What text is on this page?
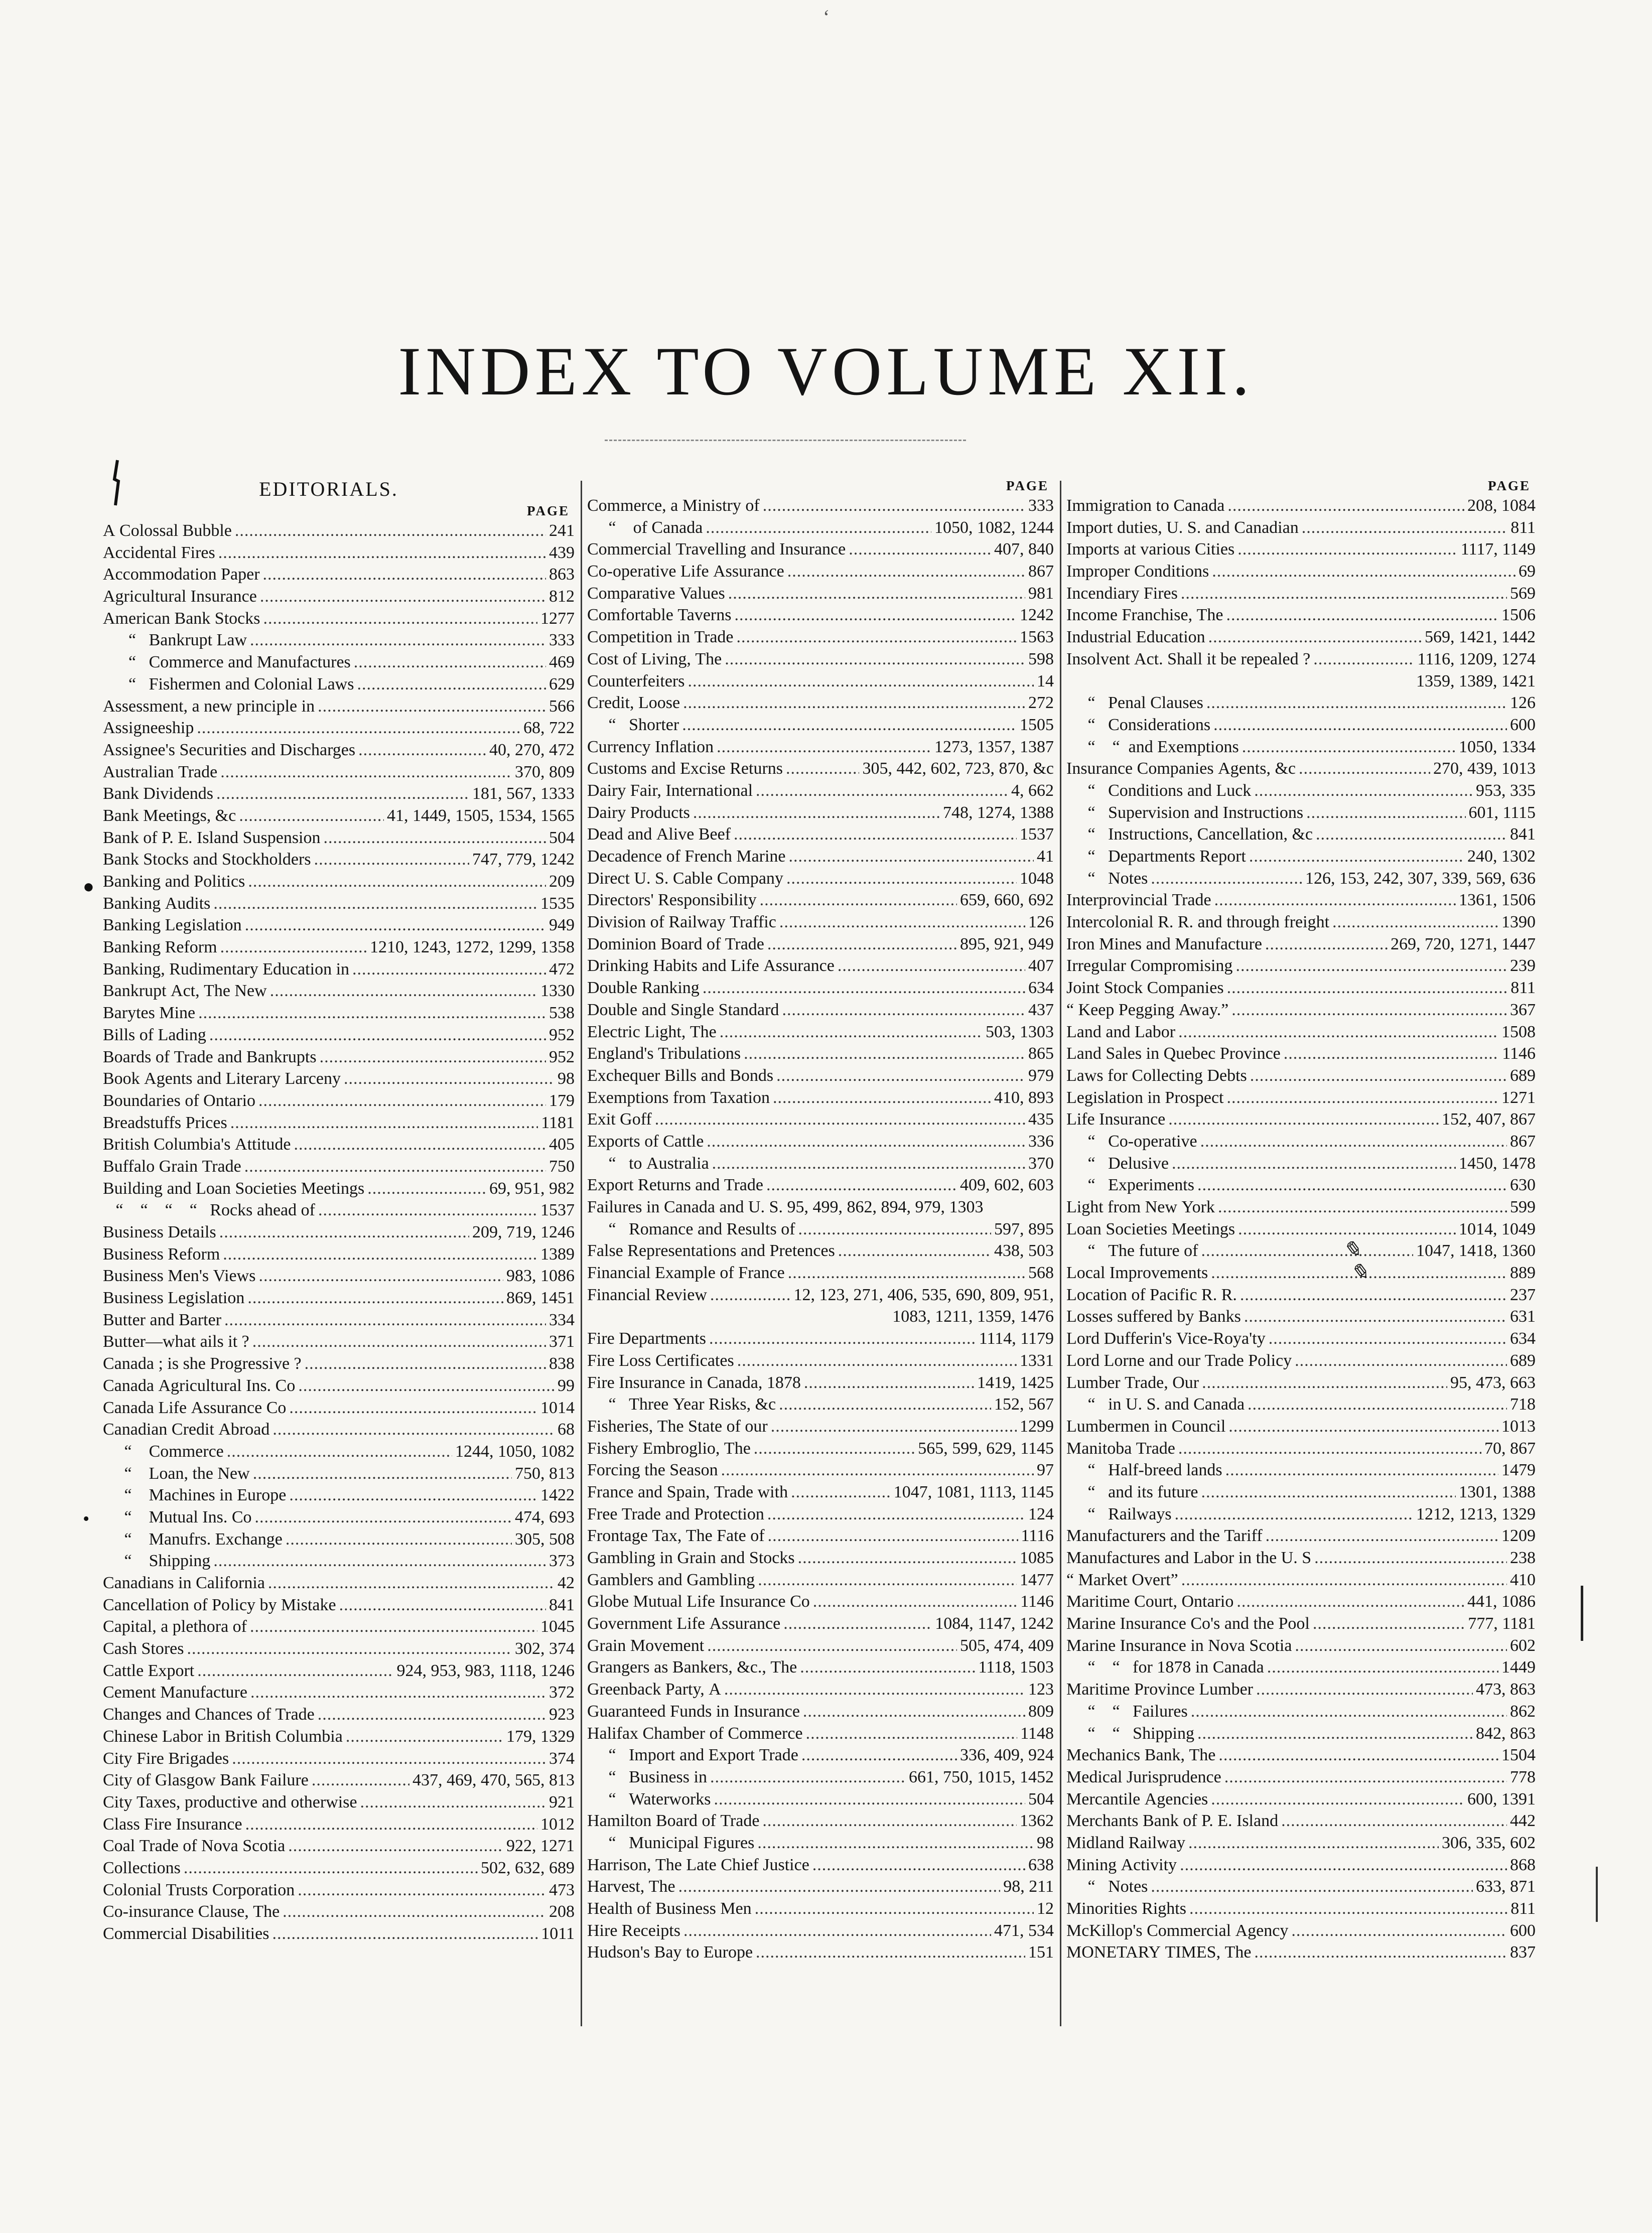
‘
INDEX TO VOLUME XII.
EDITORIALS.
PAGE
A Colossal Bubble .....	241
Accidental Fires .....	439
Accommodation Paper .....	863
Agricultural Insurance .....	812
American Bank Stocks .....	1277
“   Bankrupt Law .....	333
“   Commerce and Manufactures .....	469
“   Fishermen and Colonial Laws .....	629
Assessment, a new principle in .....	566
Assigneeship .....	68, 722
Assignee's Securities and Discharges .....	40, 270, 472
Australian Trade .....	370, 809
Bank Dividends .....	181, 567, 1333
Bank Meetings, &c .....	41, 1449, 1505, 1534, 1565
Bank of P. E. Island Suspension .....	504
Bank Stocks and Stockholders .....	747, 779, 1242
Banking and Politics .....	209
Banking Audits .....	1535
Banking Legislation .....	949
Banking Reform .....	1210, 1243, 1272, 1299, 1358
Banking, Rudimentary Education in .....	472
Bankrupt Act, The New .....	1330
Barytes Mine .....	538
Bills of Lading .....	952
Boards of Trade and Bankrupts .....	952
Book Agents and Literary Larceny .....	98
Boundaries of Ontario .....	179
Breadstuffs Prices .....	1181
British Columbia's Attitude .....	405
Buffalo Grain Trade .....	750
Building and Loan Societies Meetings .....	69, 951, 982
“    “    “    “   Rocks ahead of .....	1537
Business Details .....	209, 719, 1246
Business Reform .....	1389
Business Men's Views .....	983, 1086
Business Legislation .....	869, 1451
Butter and Barter .....	334
Butter—what ails it ? .....	371
Canada ; is she Progressive ? .....	838
Canada Agricultural Ins. Co .....	99
Canada Life Assurance Co .....	1014
Canadian Credit Abroad .....	68
“    Commerce .....	1244, 1050, 1082
“    Loan, the New .....	750, 813
“    Machines in Europe .....	1422
“    Mutual Ins. Co .....	474, 693
“    Manufrs. Exchange .....	305, 508
“    Shipping .....	373
Canadians in California .....	42
Cancellation of Policy by Mistake .....	841
Capital, a plethora of .....	1045
Cash Stores .....	302, 374
Cattle Export .....	924, 953, 983, 1118, 1246
Cement Manufacture .....	372
Changes and Chances of Trade .....	923
Chinese Labor in British Columbia .....	179, 1329
City Fire Brigades .....	374
City of Glasgow Bank Failure .....	437, 469, 470, 565, 813
City Taxes, productive and otherwise .....	921
Class Fire Insurance .....	1012
Coal Trade of Nova Scotia .....	922, 1271
Collections .....	502, 632, 689
Colonial Trusts Corporation .....	473
Co-insurance Clause, The .....	208
Commercial Disabilities .....	1011
PAGE
Commerce, a Ministry of .....	333
“    of Canada .....	1050, 1082, 1244
Commercial Travelling and Insurance .....	407, 840
Co-operative Life Assurance .....	867
Comparative Values .....	981
Comfortable Taverns .....	1242
Competition in Trade .....	1563
Cost of Living, The .....	598
Counterfeiters .....	14
Credit, Loose .....	272
“   Shorter .....	1505
Currency Inflation .....	1273, 1357, 1387
Customs and Excise Returns .....	305, 442, 602, 723, 870, &c
Dairy Fair, International .....	4, 662
Dairy Products .....	748, 1274, 1388
Dead and Alive Beef .....	1537
Decadence of French Marine .....	41
Direct U. S. Cable Company .....	1048
Directors' Responsibility .....	659, 660, 692
Division of Railway Traffic .....	126
Dominion Board of Trade .....	895, 921, 949
Drinking Habits and Life Assurance .....	407
Double Ranking .....	634
Double and Single Standard .....	437
Electric Light, The .....	503, 1303
England's Tribulations .....	865
Exchequer Bills and Bonds .....	979
Exemptions from Taxation .....	410, 893
Exit Goff .....	435
Exports of Cattle .....	336
“   to Australia .....	370
Export Returns and Trade .....	409, 602, 603
Failures in Canada and U. S. 95, 499, 862, 894, 979, 1303
“   Romance and Results of .....	597, 895
False Representations and Pretences .....	438, 503
Financial Example of France .....	568
Financial Review .....	12, 123, 271, 406, 535, 690, 809, 951,
1083, 1211, 1359, 1476
Fire Departments .....	1114, 1179
Fire Loss Certificates .....	1331
Fire Insurance in Canada, 1878 .....	1419, 1425
“   Three Year Risks, &c .....	152, 567
Fisheries, The State of our .....	1299
Fishery Embroglio, The .....	565, 599, 629, 1145
Forcing the Season .....	97
France and Spain, Trade with .....	1047, 1081, 1113, 1145
Free Trade and Protection .....	124
Frontage Tax, The Fate of .....	1116
Gambling in Grain and Stocks .....	1085
Gamblers and Gambling .....	1477
Globe Mutual Life Insurance Co .....	1146
Government Life Assurance .....	1084, 1147, 1242
Grain Movement .....	505, 474, 409
Grangers as Bankers, &c., The .....	1118, 1503
Greenback Party, A .....	123
Guaranteed Funds in Insurance .....	809
Halifax Chamber of Commerce .....	1148
“   Import and Export Trade .....	336, 409, 924
“   Business in .....	661, 750, 1015, 1452
“   Waterworks .....	504
Hamilton Board of Trade .....	1362
“   Municipal Figures .....	98
Harrison, The Late Chief Justice .....	638
Harvest, The .....	98, 211
Health of Business Men .....	12
Hire Receipts .....	471, 534
Hudson's Bay to Europe .....	151
PAGE
Immigration to Canada .....	208, 1084
Import duties, U. S. and Canadian .....	811
Imports at various Cities .....	1117, 1149
Improper Conditions .....	69
Incendiary Fires .....	569
Income Franchise, The .....	1506
Industrial Education .....	569, 1421, 1442
Insolvent Act. Shall it be repealed ? .....	1116, 1209, 1274
1359, 1389, 1421
“   Penal Clauses .....	126
“   Considerations .....	600
“    “  and Exemptions .....	1050, 1334
Insurance Companies Agents, &c .....	270, 439, 1013
“   Conditions and Luck .....	953, 335
“   Supervision and Instructions .....	601, 1115
“   Instructions, Cancellation, &c .....	841
“   Departments Report .....	240, 1302
“   Notes .....	126, 153, 242, 307, 339, 569, 636
Interprovincial Trade .....	1361, 1506
Intercolonial R. R. and through freight .....	1390
Iron Mines and Manufacture .....	269, 720, 1271, 1447
Irregular Compromising .....	239
Joint Stock Companies .....	811
“ Keep Pegging Away.” .....	367
Land and Labor .....	1508
Land Sales in Quebec Province .....	1146
Laws for Collecting Debts .....	689
Legislation in Prospect .....	1271
Life Insurance .....	152, 407, 867
“   Co-operative .....	867
“   Delusive .....	1450, 1478
“   Experiments .....	630
Light from New York .....	599
Loan Societies Meetings .....	1014, 1049
“   The future of .....	1047, 1418, 1360
Local Improvements .....	889
Location of Pacific R. R. .....	237
Losses suffered by Banks .....	631
Lord Dufferin's Vice-Roya'ty .....	634
Lord Lorne and our Trade Policy .....	689
Lumber Trade, Our .....	95, 473, 663
“   in U. S. and Canada .....	718
Lumbermen in Council .....	1013
Manitoba Trade .....	70, 867
“   Half-breed lands .....	1479
“   and its future .....	1301, 1388
“   Railways .....	1212, 1213, 1329
Manufacturers and the Tariff .....	1209
Manufactures and Labor in the U. S .....	238
“ Market Overt” .....	410
Maritime Court, Ontario .....	441, 1086
Marine Insurance Co's and the Pool .....	777, 1181
Marine Insurance in Nova Scotia .....	602
“    “   for 1878 in Canada .....	1449
Maritime Province Lumber .....	473, 863
“    “   Failures .....	862
“    “   Shipping .....	842, 863
Mechanics Bank, The .....	1504
Medical Jurisprudence .....	778
Mercantile Agencies .....	600, 1391
Merchants Bank of P. E. Island .....	442
Midland Railway .....	306, 335, 602
Mining Activity .....	868
“   Notes .....	633, 871
Minorities Rights .....	811
McKillop's Commercial Agency .....	600
MONETARY TIMES, The .....	837
●
•
✎
✎
